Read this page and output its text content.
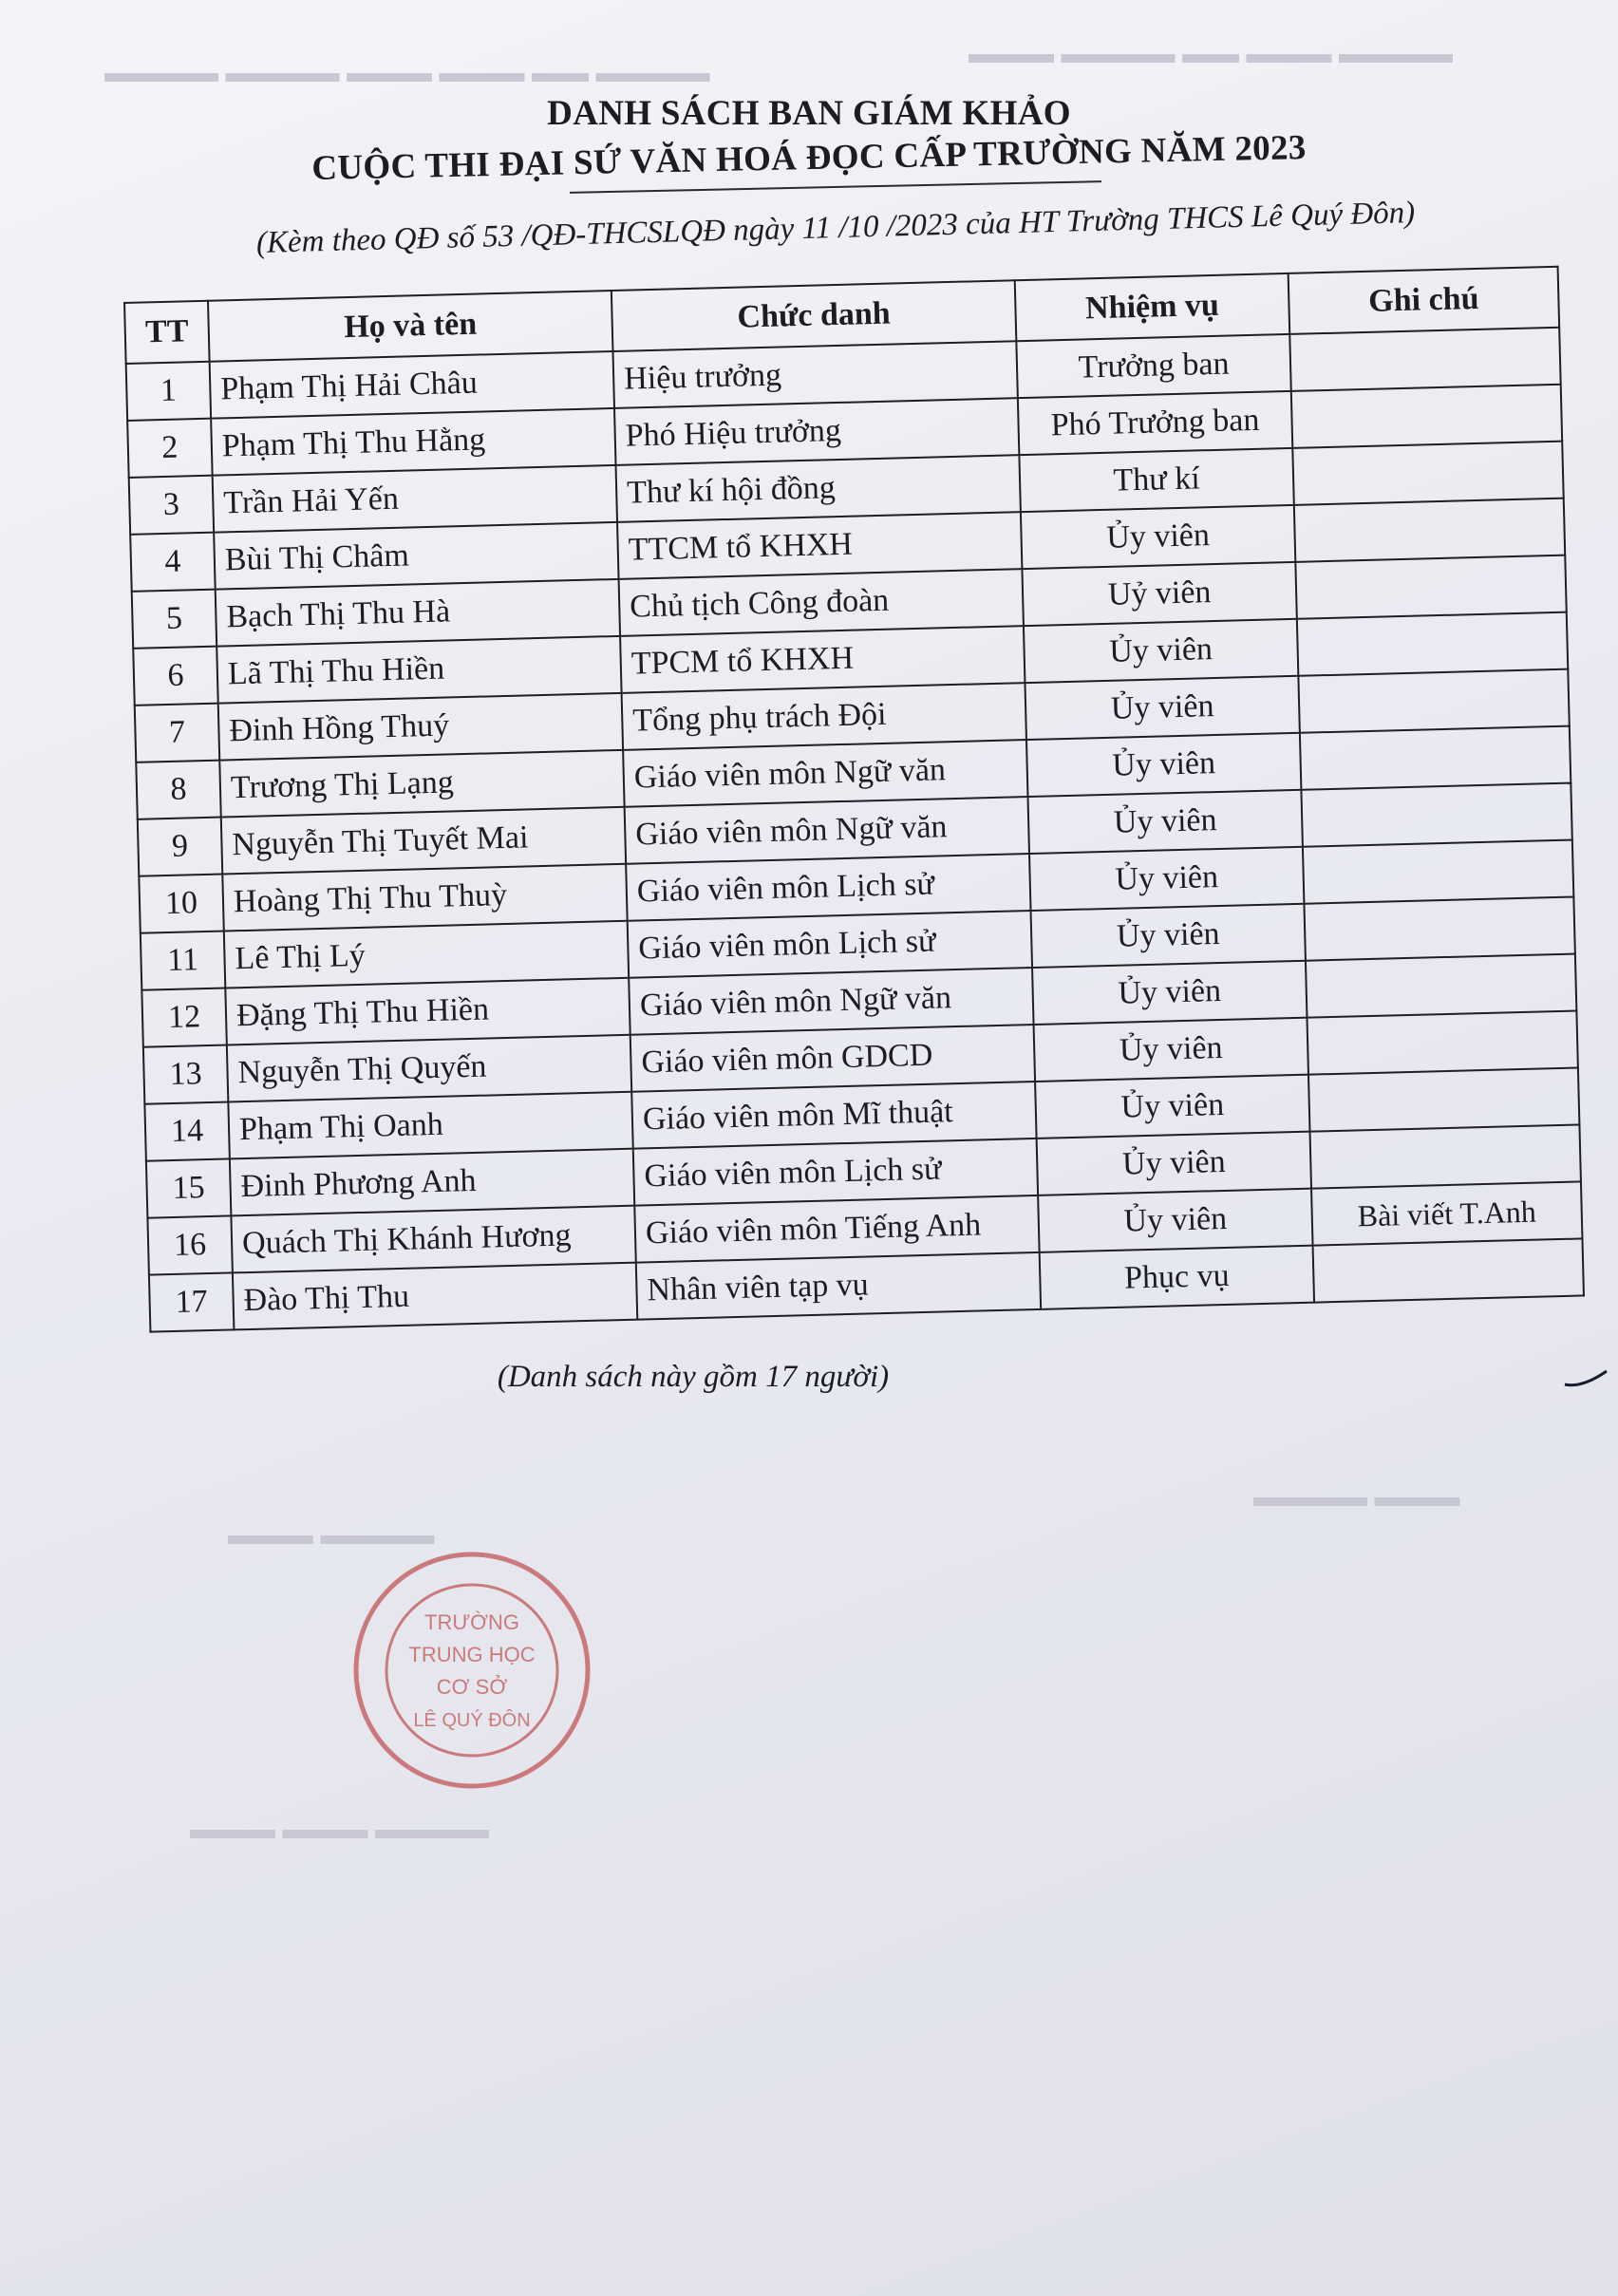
▬▬▬▬ ▬▬▬ ▬▬ ▬▬▬▬ ▬▬▬
▬▬▬▬ ▬▬ ▬▬▬ ▬▬▬ ▬▬▬▬ ▬▬▬▬
▬▬▬▬ ▬▬▬
▬▬▬ ▬▬▬▬
▬▬▬▬ ▬▬▬ ▬▬▬
DANH SÁCH BAN GIÁM KHẢO
CUỘC THI ĐẠI SỨ VĂN HOÁ ĐỌC CẤP TRƯỜNG NĂM 2023
(Kèm theo QĐ số 53 /QĐ-THCSLQĐ ngày 11 /10 /2023 của HT Trường THCS Lê Quý Đôn)
TT	Họ và tên	Chức danh	Nhiệm vụ	Ghi chú
1	Phạm Thị Hải Châu	Hiệu trưởng	Trưởng ban	
2	Phạm Thị Thu Hằng	Phó Hiệu trưởng	Phó Trưởng ban	
3	Trần Hải Yến	Thư kí hội đồng	Thư kí	
4	Bùi Thị Châm	TTCM tổ KHXH	Ủy viên	
5	Bạch Thị Thu Hà	Chủ tịch Công đoàn	Uỷ viên	
6	Lã Thị Thu Hiền	TPCM tổ KHXH	Ủy viên	
7	Đinh Hồng Thuý	Tổng phụ trách Đội	Ủy viên	
8	Trương Thị Lạng	Giáo viên môn Ngữ văn	Ủy viên	
9	Nguyễn Thị Tuyết Mai	Giáo viên môn Ngữ văn	Ủy viên	
10	Hoàng Thị Thu Thuỳ	Giáo viên môn Lịch sử	Ủy viên	
11	Lê Thị Lý	Giáo viên môn Lịch sử	Ủy viên	
12	Đặng Thị Thu Hiền	Giáo viên môn Ngữ văn	Ủy viên	
13	Nguyễn Thị Quyến	Giáo viên môn GDCD	Ủy viên	
14	Phạm Thị Oanh	Giáo viên môn Mĩ thuật	Ủy viên	
15	Đinh Phương Anh	Giáo viên môn Lịch sử	Ủy viên	
16	Quách Thị Khánh Hương	Giáo viên môn Tiếng Anh	Ủy viên	Bài viết T.Anh
17	Đào Thị Thu	Nhân viên tạp vụ	Phục vụ	
(Danh sách này gồm 17 người)
TRƯỜNG
TRUNG HỌC
CƠ SỞ
LÊ QUÝ ĐÔN
